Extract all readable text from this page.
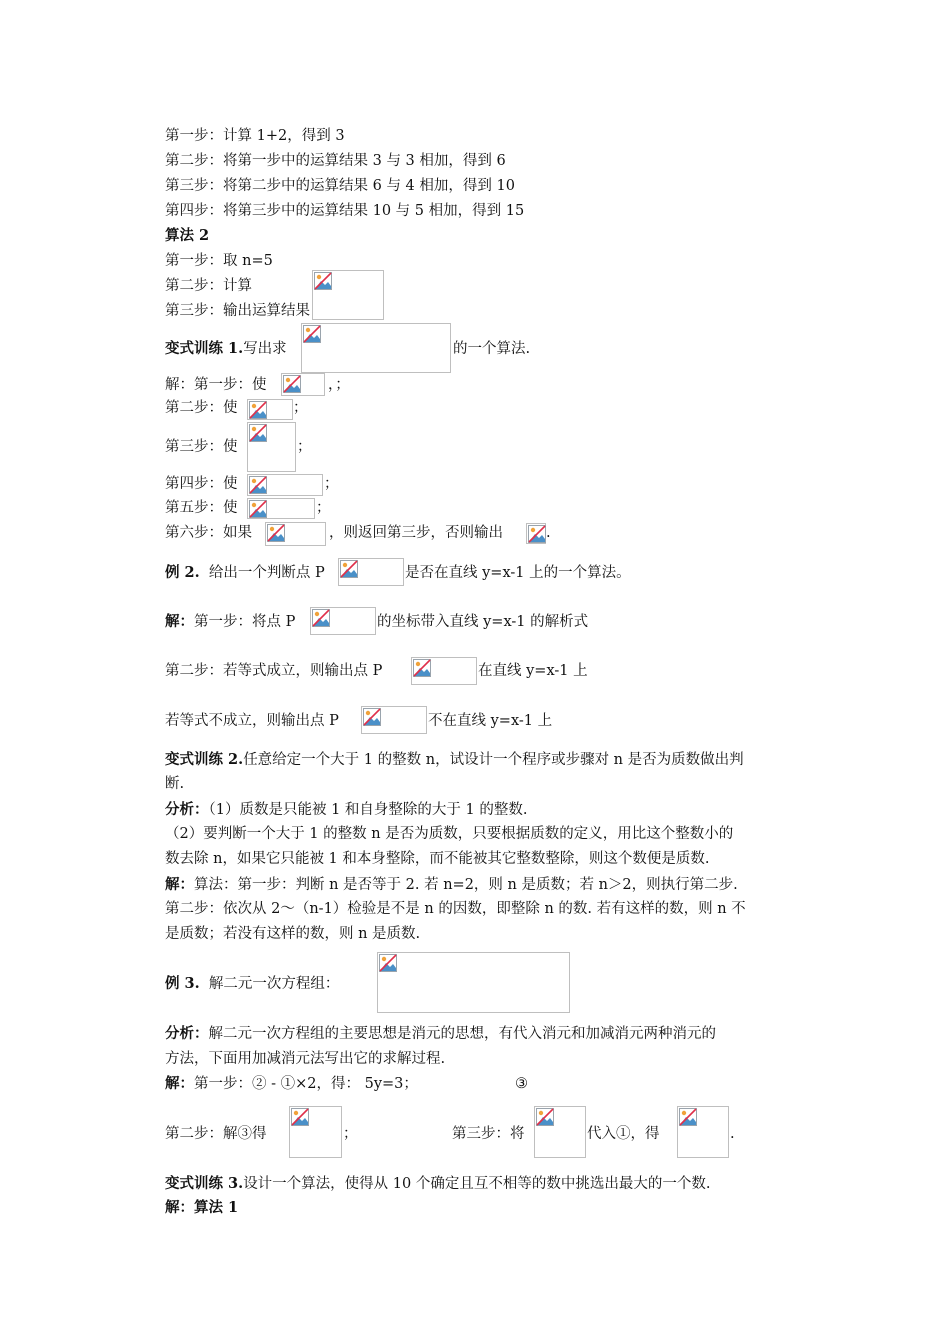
第一步：计算 1+2，得到 3
第二步：将第一步中的运算结果 3 与 3 相加，得到 6
第三步：将第二步中的运算结果 6 与 4 相加，得到 10
第四步：将第三步中的运算结果 10 与 5 相加，得到 15
算法 2
第一步：取 n=5
第二步：计算
第三步：输出运算结果
变式训练 1.写出求	的一个算法.
解：第一步：使	，；
第二步：使	；
第三步：使	；
第四步：使	；
第五步：使	；
第六步：如果	，则返回第三步，否则输出	.
例 2. 给出一个判断点 P	是否在直线 y=x-1 上的一个算法。
解：第一步：将点 P	的坐标带入直线 y=x-1 的解析式
第二步：若等式成立，则输出点 P	在直线 y=x-1 上
若等式不成立，则输出点 P	不在直线 y=x-1 上
变式训练 2.任意给定一个大于 1 的整数 n，试设计一个程序或步骤对 n 是否为质数做出判
断.
分析：（1）质数是只能被 1 和自身整除的大于 1 的整数.
（2）要判断一个大于 1 的整数 n 是否为质数，只要根据质数的定义，用比这个整数小的
数去除 n，如果它只能被 1 和本身整除，而不能被其它整数整除，则这个数便是质数.
解：算法：第一步：判断 n 是否等于 2. 若 n=2，则 n 是质数；若 n＞2，则执行第二步.
第二步：依次从 2～（n-1）检验是不是 n 的因数，即整除 n 的数. 若有这样的数，则 n 不
是质数；若没有这样的数，则 n 是质数.
例 3. 解二元一次方程组：
分析：解二元一次方程组的主要思想是消元的思想，有代入消元和加减消元两种消元的
方法，下面用加减消元法写出它的求解过程.
解：第一步：② - ①×2，得： 5y=3；	③
第二步：解③得	；	第三步：将	代入①，得	.
变式训练 3.设计一个算法，使得从 10 个确定且互不相等的数中挑选出最大的一个数.
解：算法 1
